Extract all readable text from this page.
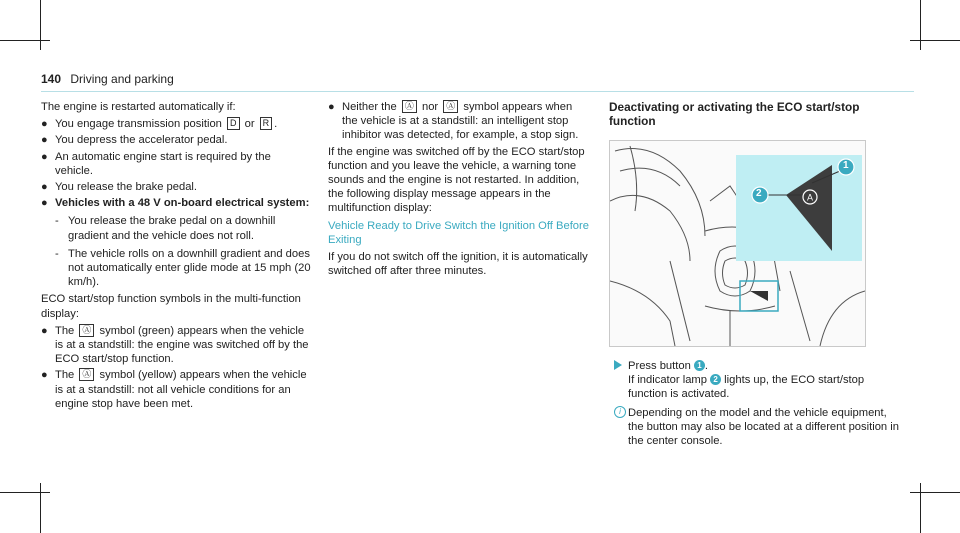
140 Driving and parking

The engine is restarted automatically if:

● You engage transmission position D or R .
● You depress the accelerator pedal.
● An automatic engine start is required by the vehicle.
● You release the brake pedal.
● Vehicles with a 48 V on-board electrical system:
- You release the brake pedal on a downhill gradient and the vehicle does not roll.
- The vehicle rolls on a downhill gradient and does not automatically enter glide mode at 15 mph (20 km/h).

ECO start/stop function symbols in the multi-function display:

● The Ⓐ symbol (green) appears when the vehicle is at a standstill: the engine was switched off by the ECO start/stop function.
● The Ⓐ symbol (yellow) appears when the vehicle is at a standstill: not all vehicle conditions for an engine stop have been met.
● Neither the Ⓐ nor Ⓐ symbol appears when the vehicle is at a standstill: an intelligent stop inhibitor was detected, for example, a stop sign.

If the engine was switched off by the ECO start/stop function and you leave the vehicle, a warning tone sounds and the engine is not restarted. In addition, the following display message appears in the multifunction display:

Vehicle Ready to Drive Switch the Ignition Off Before Exiting

If you do not switch off the ignition, it is automatically switched off after three minutes.

Deactivating or activating the ECO start/stop function

A
2
1
Press button 1 .
If indicator lamp 2 lights up, the ECO start/stop function is activated.
i Depending on the model and the vehicle equipment, the button may also be located at a different position in the center console.
